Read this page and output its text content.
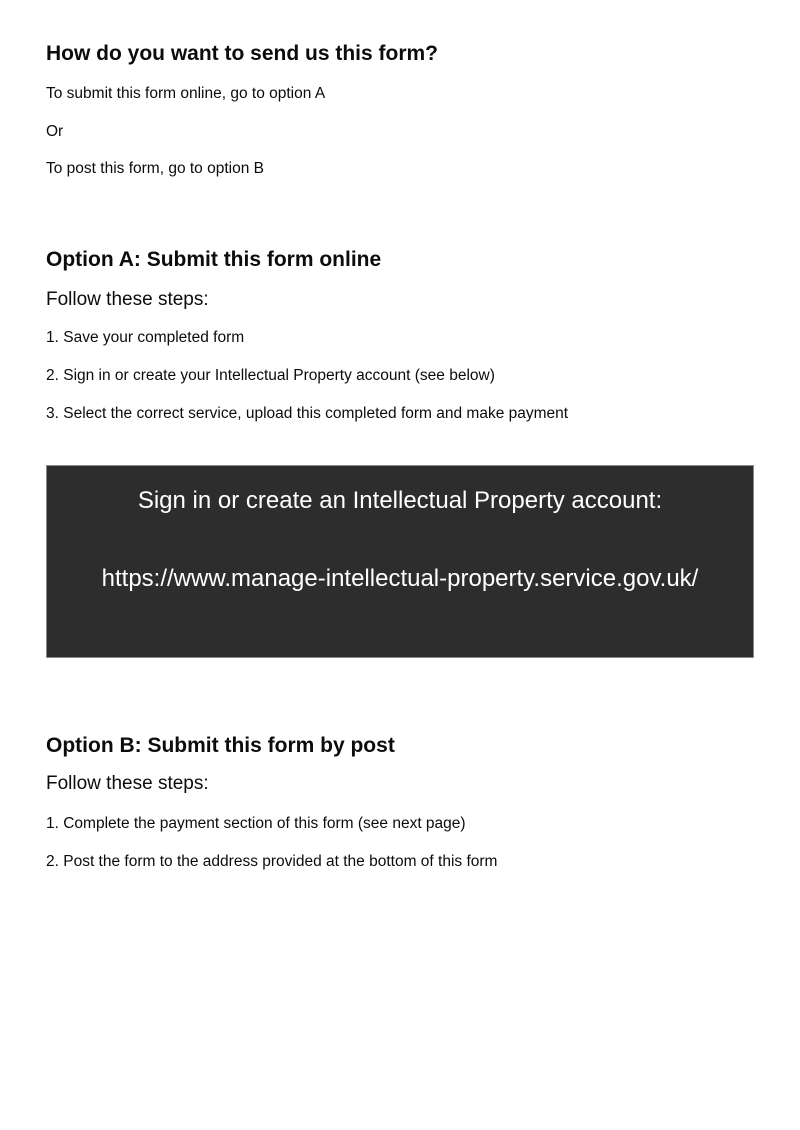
How do you want to send us this form?

To submit this form online, go to option A

Or

To post this form, go to option B

Option A: Submit this form online

Follow these steps:

1. Save your completed form

2. Sign in or create your Intellectual Property account (see below)

3. Select the correct service, upload this completed form and make payment

Sign in or create an Intellectual Property account:
https://www.manage-intellectual-property.service.gov.uk/
Option B: Submit this form by post

Follow these steps:

1. Complete the payment section of this form (see next page)

2. Post the form to the address provided at the bottom of this form
